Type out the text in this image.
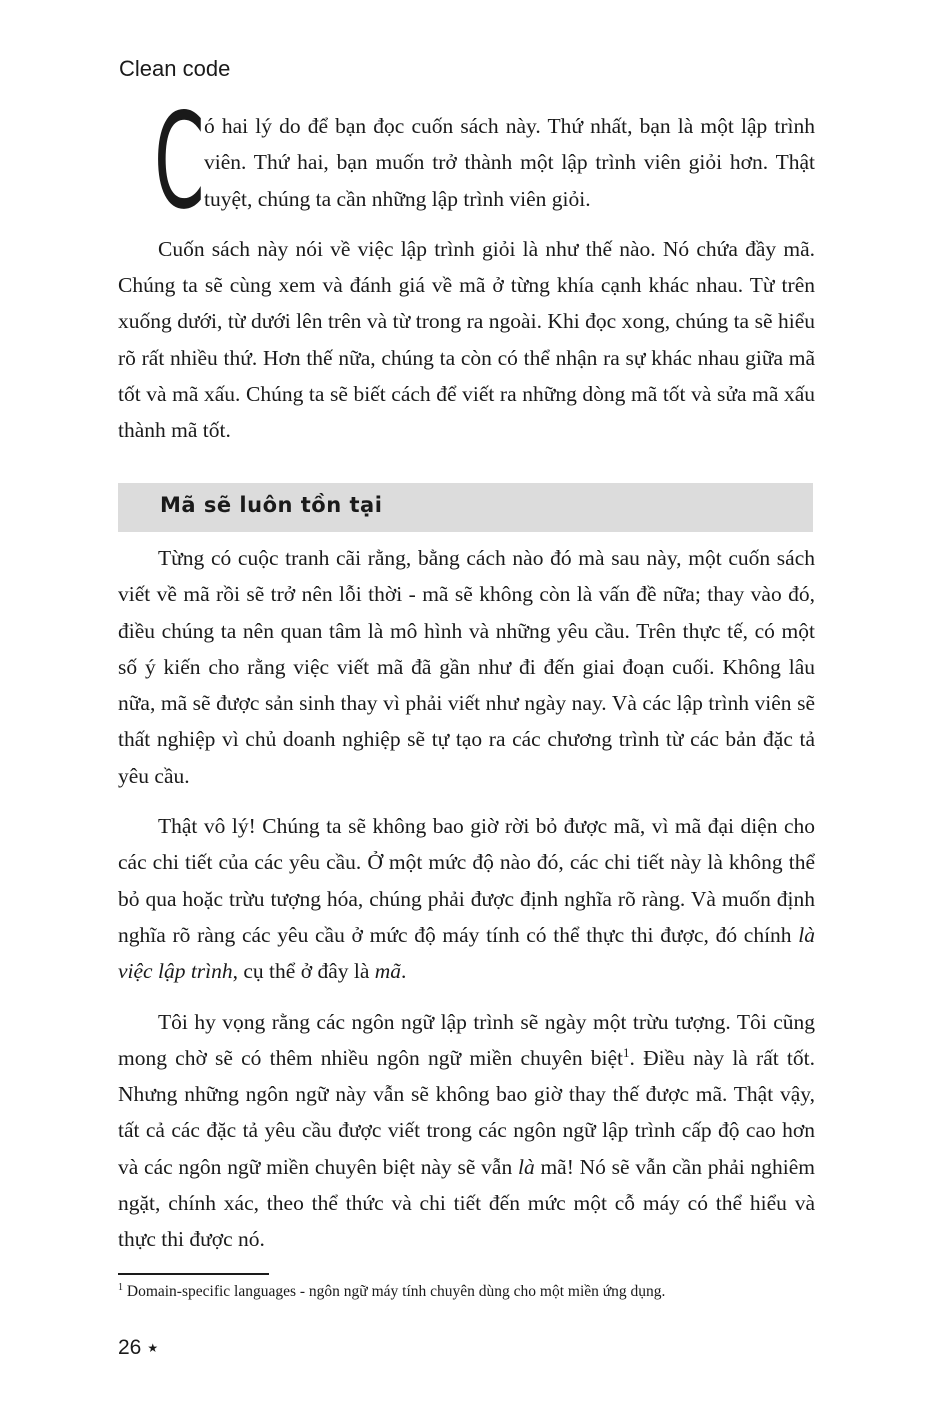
Clean code

Có hai lý do để bạn đọc cuốn sách này. Thứ nhất, bạn là một lập trình viên. Thứ hai, bạn muốn trở thành một lập trình viên giỏi hơn. Thật tuyệt, chúng ta cần những lập trình viên giỏi.

Cuốn sách này nói về việc lập trình giỏi là như thế nào. Nó chứa đầy mã. Chúng ta sẽ cùng xem và đánh giá về mã ở từng khía cạnh khác nhau. Từ trên xuống dưới, từ dưới lên trên và từ trong ra ngoài. Khi đọc xong, chúng ta sẽ hiểu rõ rất nhiều thứ. Hơn thế nữa, chúng ta còn có thể nhận ra sự khác nhau giữa mã tốt và mã xấu. Chúng ta sẽ biết cách để viết ra những dòng mã tốt và sửa mã xấu thành mã tốt.

Mã sẽ luôn tồn tại

Từng có cuộc tranh cãi rằng, bằng cách nào đó mà sau này, một cuốn sách viết về mã rồi sẽ trở nên lỗi thời - mã sẽ không còn là vấn đề nữa; thay vào đó, điều chúng ta nên quan tâm là mô hình và những yêu cầu. Trên thực tế, có một số ý kiến cho rằng việc viết mã đã gần như đi đến giai đoạn cuối. Không lâu nữa, mã sẽ được sản sinh thay vì phải viết như ngày nay. Và các lập trình viên sẽ thất nghiệp vì chủ doanh nghiệp sẽ tự tạo ra các chương trình từ các bản đặc tả yêu cầu.

Thật vô lý! Chúng ta sẽ không bao giờ rời bỏ được mã, vì mã đại diện cho các chi tiết của các yêu cầu. Ở một mức độ nào đó, các chi tiết này là không thể bỏ qua hoặc trừu tượng hóa, chúng phải được định nghĩa rõ ràng. Và muốn định nghĩa rõ ràng các yêu cầu ở mức độ máy tính có thể thực thi được, đó chính là việc lập trình, cụ thể ở đây là mã.

Tôi hy vọng rằng các ngôn ngữ lập trình sẽ ngày một trừu tượng. Tôi cũng mong chờ sẽ có thêm nhiều ngôn ngữ miền chuyên biệt$^1$. Điều này là rất tốt. Nhưng những ngôn ngữ này vẫn sẽ không bao giờ thay thế được mã. Thật vậy, tất cả các đặc tả yêu cầu được viết trong các ngôn ngữ lập trình cấp độ cao hơn và các ngôn ngữ miền chuyên biệt này sẽ vẫn là mã! Nó sẽ vẫn cần phải nghiêm ngặt, chính xác, theo thể thức và chi tiết đến mức một cỗ máy có thể hiểu và thực thi được nó.

$^1$ Domain-specific languages - ngôn ngữ máy tính chuyên dùng cho một miền ứng dụng.
26 ★
